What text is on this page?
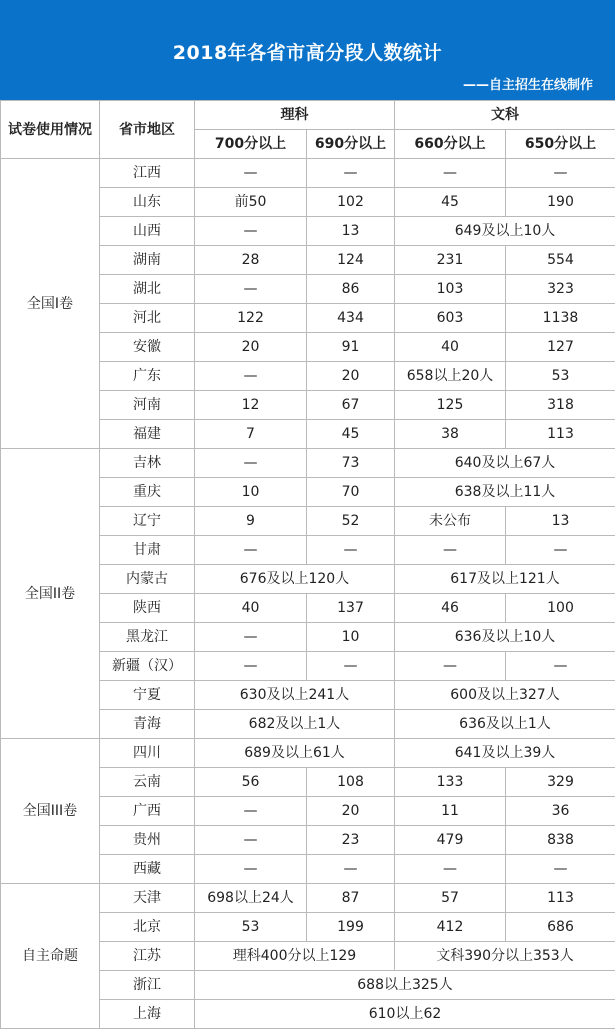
2018年各省市高分段人数统计
——自主招生在线制作
试卷使用情况	省市地区	理科		文科	
		700分以上	690分以上	660分以上	650分以上
全国I卷	江西	—	—	—	—
	山东	前50	102	45	190
	山西	—	13	649及以上10人	
	湖南	28	124	231	554
	湖北	—	86	103	323
	河北	122	434	603	1138
	安徽	20	91	40	127
	广东	—	20	658以上20人	53
	河南	12	67	125	318
	福建	7	45	38	113
全国II卷	吉林	—	73	640及以上67人	
	重庆	10	70	638及以上11人	
	辽宁	9	52	未公布	13
	甘肃	—	—	—	—
	内蒙古	676及以上120人		617及以上121人	
	陕西	40	137	46	100
	黑龙江	—	10	636及以上10人	
	新疆（汉）	—	—	—	—
	宁夏	630及以上241人		600及以上327人	
	青海	682及以上1人		636及以上1人	
全国III卷	四川	689及以上61人		641及以上39人	
	云南	56	108	133	329
	广西	—	20	11	36
	贵州	—	23	479	838
	西藏	—	—	—	—
自主命题	天津	698以上24人	87	57	113
	北京	53	199	412	686
	江苏	理科400分以上129		文科390分以上353人	
	浙江	688以上325人			
	上海	610以上62			
